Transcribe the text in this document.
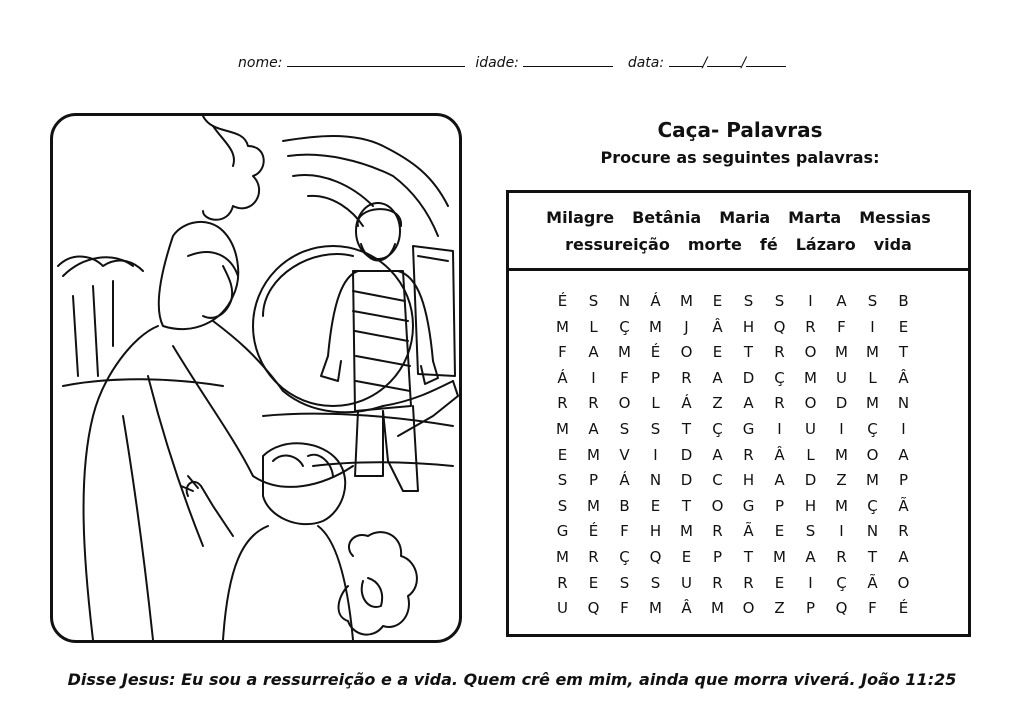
nome:	idade:	data:	/ /
Caça- Palavras
Procure as seguintes palavras:
Milagre Betânia Maria Marta Messias
ressureição morte fé Lázaro vida
É	S	N	Á	M	E	S	S	I	A	S	B
M	L	Ç	M	J	Â	H	Q	R	F	I	E
F	A	M	É	O	E	T	R	O	M	M	T
Á	I	F	P	R	A	D	Ç	M	U	L	Â
R	R	O	L	Á	Z	A	R	O	D	M	N
M	A	S	S	T	Ç	G	I	U	I	Ç	I
E	M	V	I	D	A	R	Â	L	M	O	A
S	P	Á	N	D	C	H	A	D	Z	M	P
S	M	B	E	T	O	G	P	H	M	Ç	Ã
G	É	F	H	M	R	Ã	E	S	I	N	R
M	R	Ç	Q	E	P	T	M	A	R	T	A
R	E	S	S	U	R	R	E	I	Ç	Ã	O
U	Q	F	M	Â	M	O	Z	P	Q	F	É
Disse Jesus: Eu sou a ressurreição e a vida. Quem crê em mim, ainda que morra viverá. João 11:25
